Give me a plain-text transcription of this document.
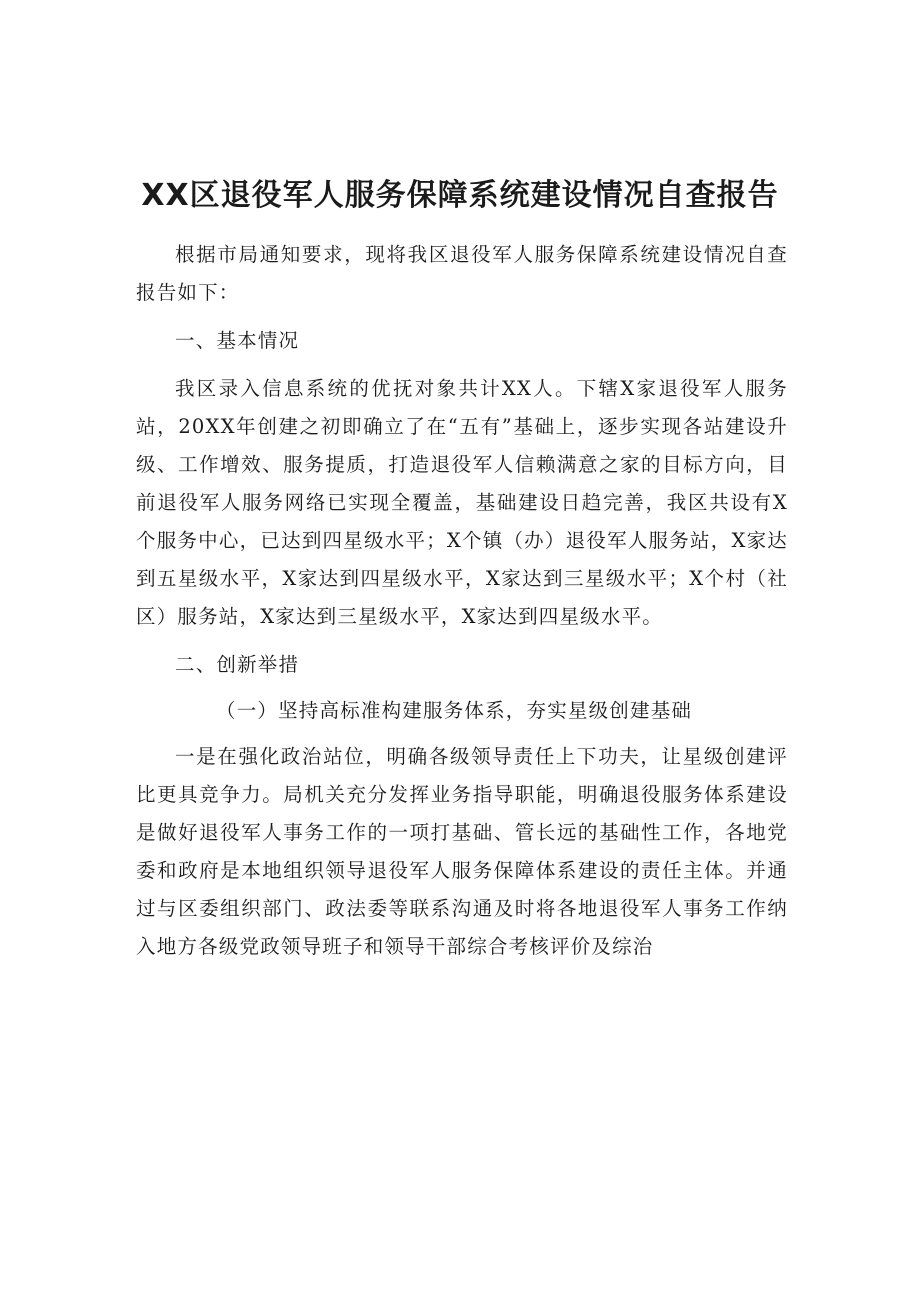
XX区退役军人服务保障系统建设情况自查报告

根据市局通知要求，现将我区退役军人服务保障系统建设情况自查报告如下：

一、基本情况

我区录入信息系统的优抚对象共计XX人。下辖X家退役军人服务站，20XX年创建之初即确立了在“五有”基础上，逐步实现各站建设升级、工作增效、服务提质，打造退役军人信赖满意之家的目标方向，目前退役军人服务网络已实现全覆盖，基础建设日趋完善，我区共设有X个服务中心，已达到四星级水平；X个镇（办）退役军人服务站，X家达到五星级水平，X家达到四星级水平，X家达到三星级水平；X个村（社区）服务站，X家达到三星级水平，X家达到四星级水平。

二、创新举措

（一）坚持高标准构建服务体系，夯实星级创建基础

一是在强化政治站位，明确各级领导责任上下功夫，让星级创建评比更具竞争力。局机关充分发挥业务指导职能，明确退役服务体系建设是做好退役军人事务工作的一项打基础、管长远的基础性工作，各地党委和政府是本地组织领导退役军人服务保障体系建设的责任主体。并通过与区委组织部门、政法委等联系沟通及时将各地退役军人事务工作纳入地方各级党政领导班子和领导干部综合考核评价及综治
